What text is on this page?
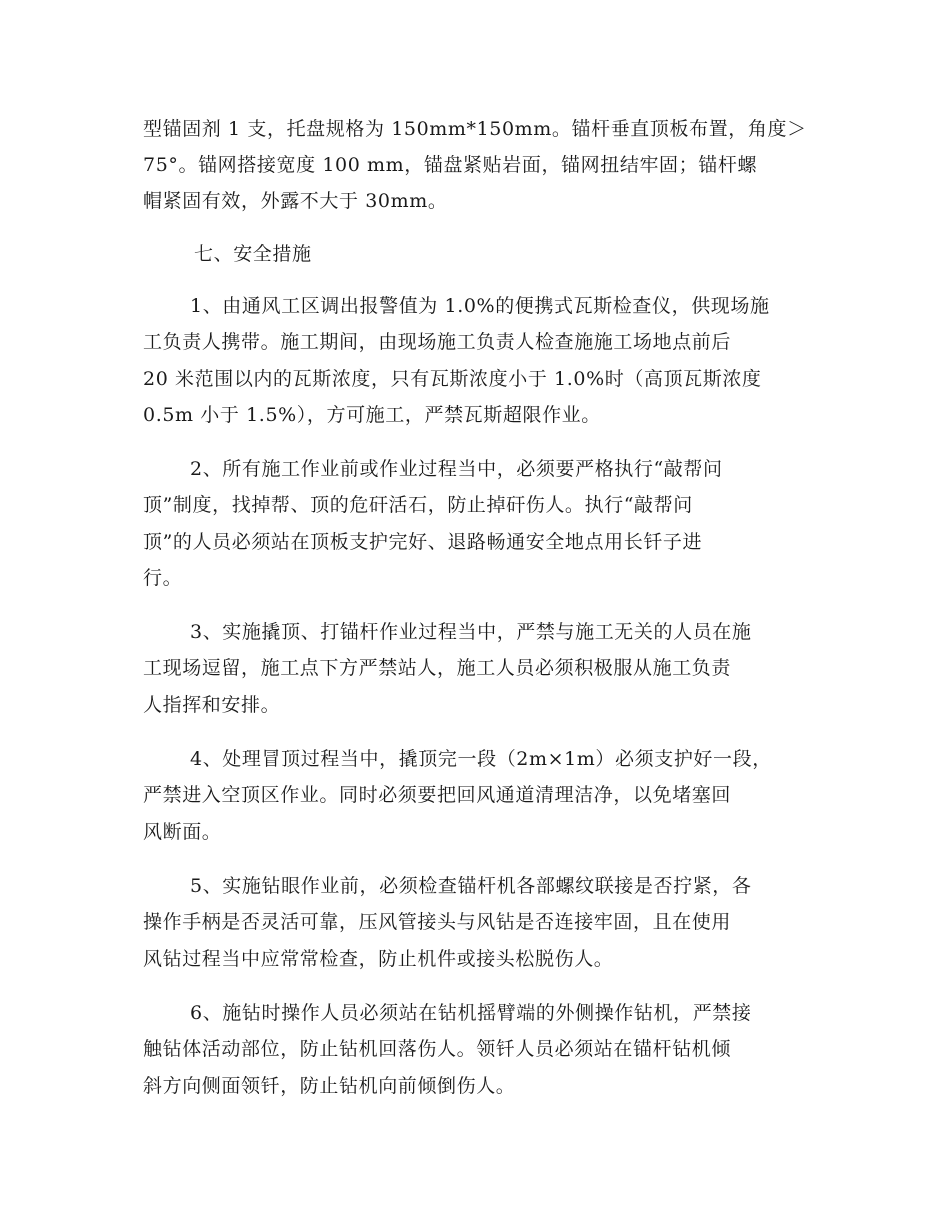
型锚固剂 1 支，托盘规格为 150mm*150mm。锚杆垂直顶板布置，角度＞
75°。锚网搭接宽度 100 mm，锚盘紧贴岩面，锚网扭结牢固；锚杆螺
帽紧固有效，外露不大于 30mm。
七、安全措施
1、由通风工区调出报警值为 1.0%的便携式瓦斯检查仪，供现场施
工负责人携带。施工期间，由现场施工负责人检查施施工场地点前后
20 米范围以内的瓦斯浓度，只有瓦斯浓度小于 1.0%时（高顶瓦斯浓度
0.5m 小于 1.5%），方可施工，严禁瓦斯超限作业。
2、所有施工作业前或作业过程当中，必须要严格执行“敲帮问
顶”制度，找掉帮、顶的危矸活石，防止掉矸伤人。执行“敲帮问
顶”的人员必须站在顶板支护完好、退路畅通安全地点用长钎子进
行。
3、实施撬顶、打锚杆作业过程当中，严禁与施工无关的人员在施
工现场逗留，施工点下方严禁站人，施工人员必须积极服从施工负责
人指挥和安排。
4、处理冒顶过程当中，撬顶完一段（2m×1m）必须支护好一段，
严禁进入空顶区作业。同时必须要把回风通道清理洁净，以免堵塞回
风断面。
5、实施钻眼作业前，必须检查锚杆机各部螺纹联接是否拧紧，各
操作手柄是否灵活可靠，压风管接头与风钻是否连接牢固，且在使用
风钻过程当中应常常检查，防止机件或接头松脱伤人。
6、施钻时操作人员必须站在钻机摇臂端的外侧操作钻机，严禁接
触钻体活动部位，防止钻机回落伤人。领钎人员必须站在锚杆钻机倾
斜方向侧面领钎，防止钻机向前倾倒伤人。
